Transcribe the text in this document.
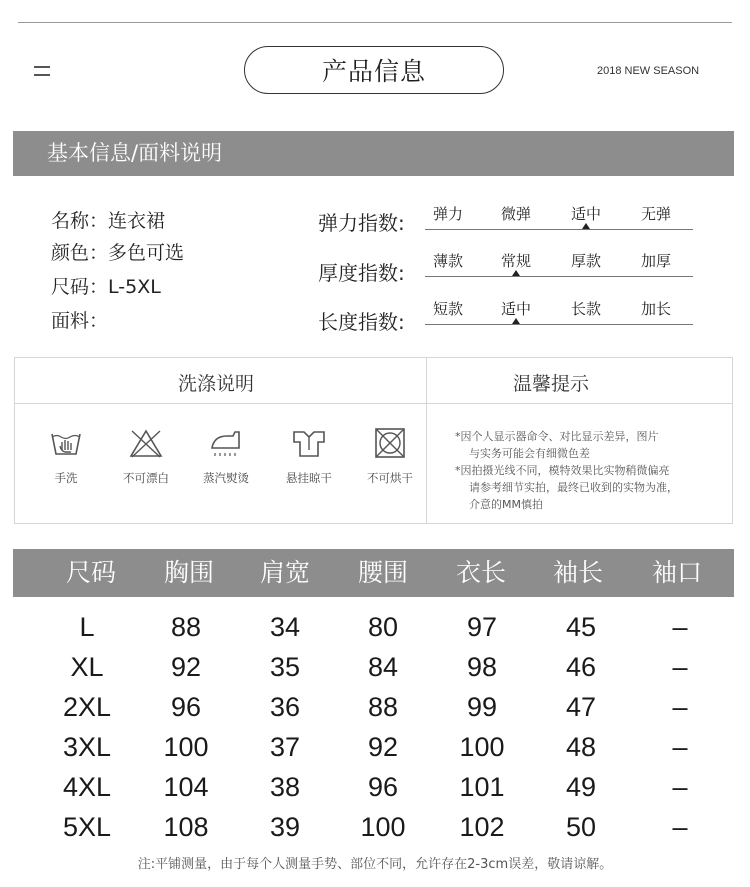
产品信息	2018 NEW SEASON
基本信息/面料说明
名称：连衣裙
颜色：多色可选
尺码：L-5XL
面料：
弹力指数: 弹力	微弹	适中	无弹
厚度指数: 薄款	常规	厚款	加厚
长度指数:
短款	适中	长款	加长
洗涤说明	温馨提示
手洗	不可漂白	蒸汽熨烫	悬挂晾干	不可烘干

*因个人显示器命令、对比显示差异，图片

与实务可能会有细微色差

*因拍摄光线不同，模特效果比实物稍微偏亮

请参考细节实拍，最终已收到的实物为准，

介意的MM慎拍

尺码	胸围	肩宽	腰围	衣长	袖长	袖口
L	88	34	80	97	45	–
XL	92	35	84	98	46	–
2XL	96	36	88	99	47	–
3XL	100	37	92	100	48	–
4XL	104	38	96	101	49	–
5XL	108	39	100	102	50	–
注:平铺测量，由于每个人测量手势、部位不同，允许存在2-3cm误差，敬请谅解。
